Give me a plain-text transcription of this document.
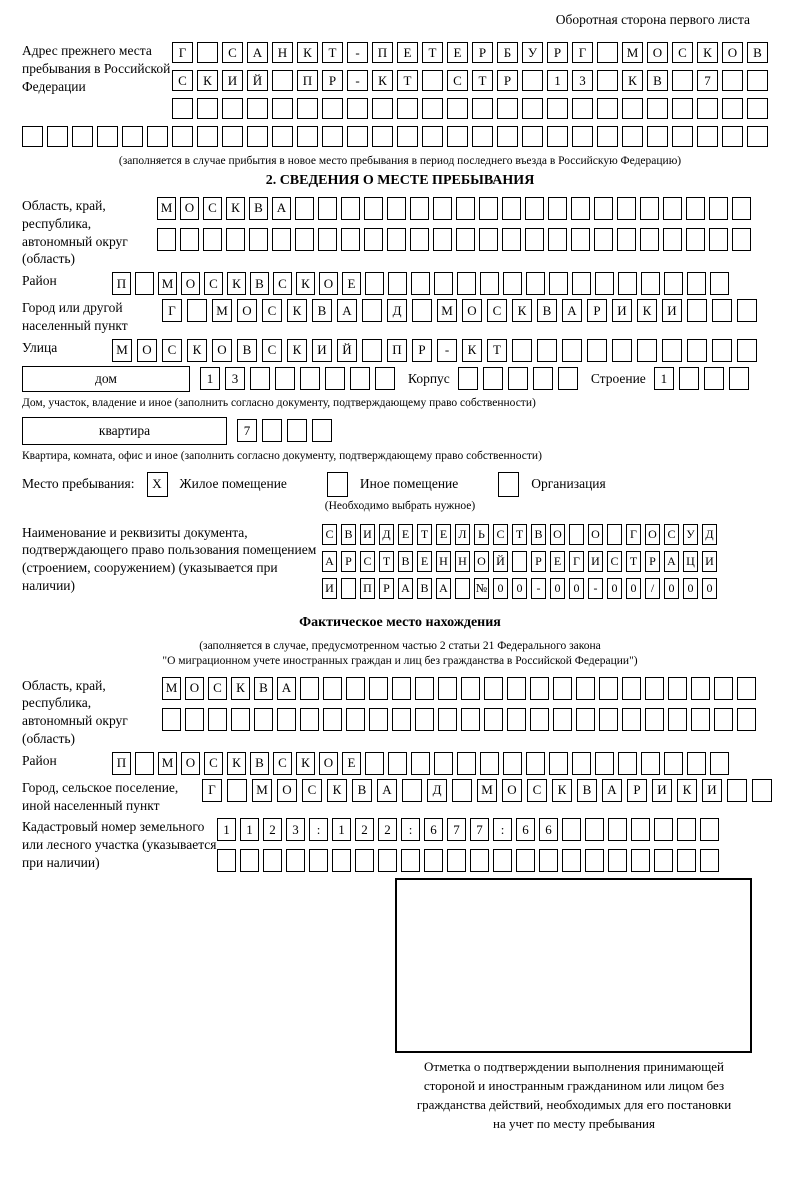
Оборотная сторона первого листа
Адрес прежнего места пребывания в Российской Федерации
Г	С	А	Н	К	Т	-	П	Е	Т	Е	Р	Б	У	Р	Г	М	О	С	К	О	В
С	К	И	Й	П	Р	-	К	Т	С	Т	Р	1	3	К	В	7
(заполняется в случае прибытия в новое место пребывания в период последнего въезда в Российскую Федерацию)
2. СВЕДЕНИЯ О МЕСТЕ ПРЕБЫВАНИЯ
Область, край, республика, автономный округ (область)
М О	С	К	В	А
Район	П	М О	С	К	В	С	К	О	Е
Город или другой населенный пункт
Г	М	О	С	К	В	А	Д	М	О	С	К	В	А	Р	И	К	И
Улица	М	О	С	К	О	В	С	К	И	Й	П	Р	-	К	Т
дом	1	3	Корпус	Строение	1
Дом, участок, владение и иное (заполнить согласно документу, подтверждающему право собственности)
квартира	7
Квартира, комната, офис и иное (заполнить согласно документу, подтверждающему право собственности)
Место пребывания:	X	Жилое помещение	Иное помещение	Организация
(Необходимо выбрать нужное)
Наименование и реквизиты документа, подтверждающего право пользования помещением (строением, сооружением) (указывается при наличии)
С В И Д Е Т Е Л Ь С Т В О О	Г О С У Д
А Р С Т В Е Н Н О Й	Р Е Г И С Т Р А Ц И
И П Р А В А № 0	0	-	0	0	-	0	0	/	0	0	0
Фактическое место нахождения
(заполняется в случае, предусмотренном частью 2 статьи 21 Федерального закона
"О миграционном учете иностранных граждан и лиц без гражданства в Российской Федерации")
Область, край, республика, автономный округ (область)
М О	С	К	В	А
Район	П	М О	С	К	В	С	К	О	Е
Город, сельское поселение, иной населенный пункт
Г	М	О	С	К	В	А	Д	М	О	С	К	В	А	Р	И	К	И
Кадастровый номер земельного или лесного участка (указывается при наличии)
1	1	2	3	:	1	2	2	:	6	7	7	:	6	6
Отметка о подтверждении выполнения принимающей
стороной и иностранным гражданином или лицом без
гражданства действий, необходимых для его постановки
на учет по месту пребывания
